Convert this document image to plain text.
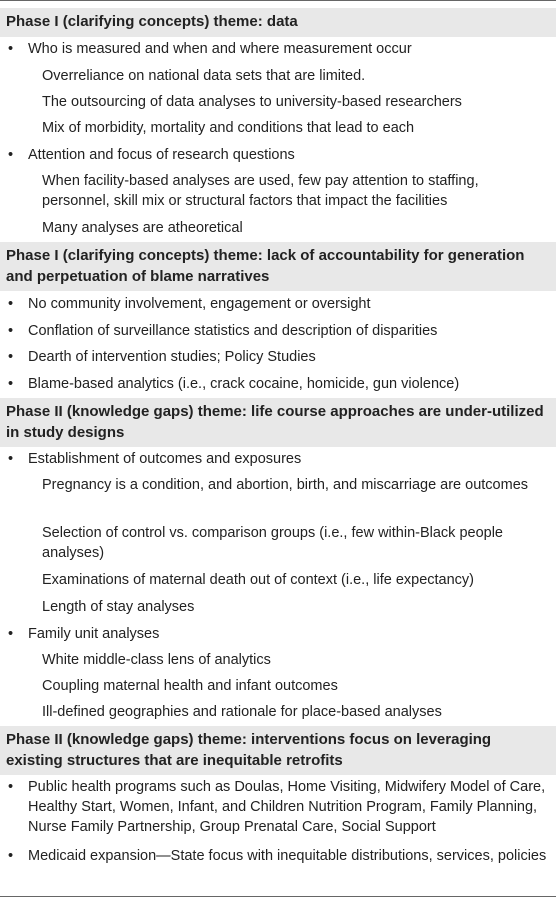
Phase I (clarifying concepts) theme: data
• Who is measured and when and where measurement occur
Overreliance on national data sets that are limited.
The outsourcing of data analyses to university-based researchers
Mix of morbidity, mortality and conditions that lead to each
• Attention and focus of research questions
When facility-based analyses are used, few pay attention to staffing, personnel, skill mix or structural factors that impact the facilities
Many analyses are atheoretical
Phase I (clarifying concepts) theme: lack of accountability for generation and perpetuation of blame narratives
• No community involvement, engagement or oversight
• Conflation of surveillance statistics and description of disparities
• Dearth of intervention studies; Policy Studies
• Blame-based analytics (i.e., crack cocaine, homicide, gun violence)
Phase II (knowledge gaps) theme: life course approaches are under-utilized in study designs
• Establishment of outcomes and exposures
Pregnancy is a condition, and abortion, birth, and miscarriage are outcomes
Selection of control vs. comparison groups (i.e., few within-Black people analyses)
Examinations of maternal death out of context (i.e., life expectancy)
Length of stay analyses
• Family unit analyses
White middle-class lens of analytics
Coupling maternal health and infant outcomes
Ill-defined geographies and rationale for place-based analyses
Phase II (knowledge gaps) theme: interventions focus on leveraging existing structures that are inequitable retrofits
• Public health programs such as Doulas, Home Visiting, Midwifery Model of Care, Healthy Start, Women, Infant, and Children Nutrition Program, Family Planning, Nurse Family Partnership, Group Prenatal Care, Social Support
• Medicaid expansion—State focus with inequitable distributions, services, policies
